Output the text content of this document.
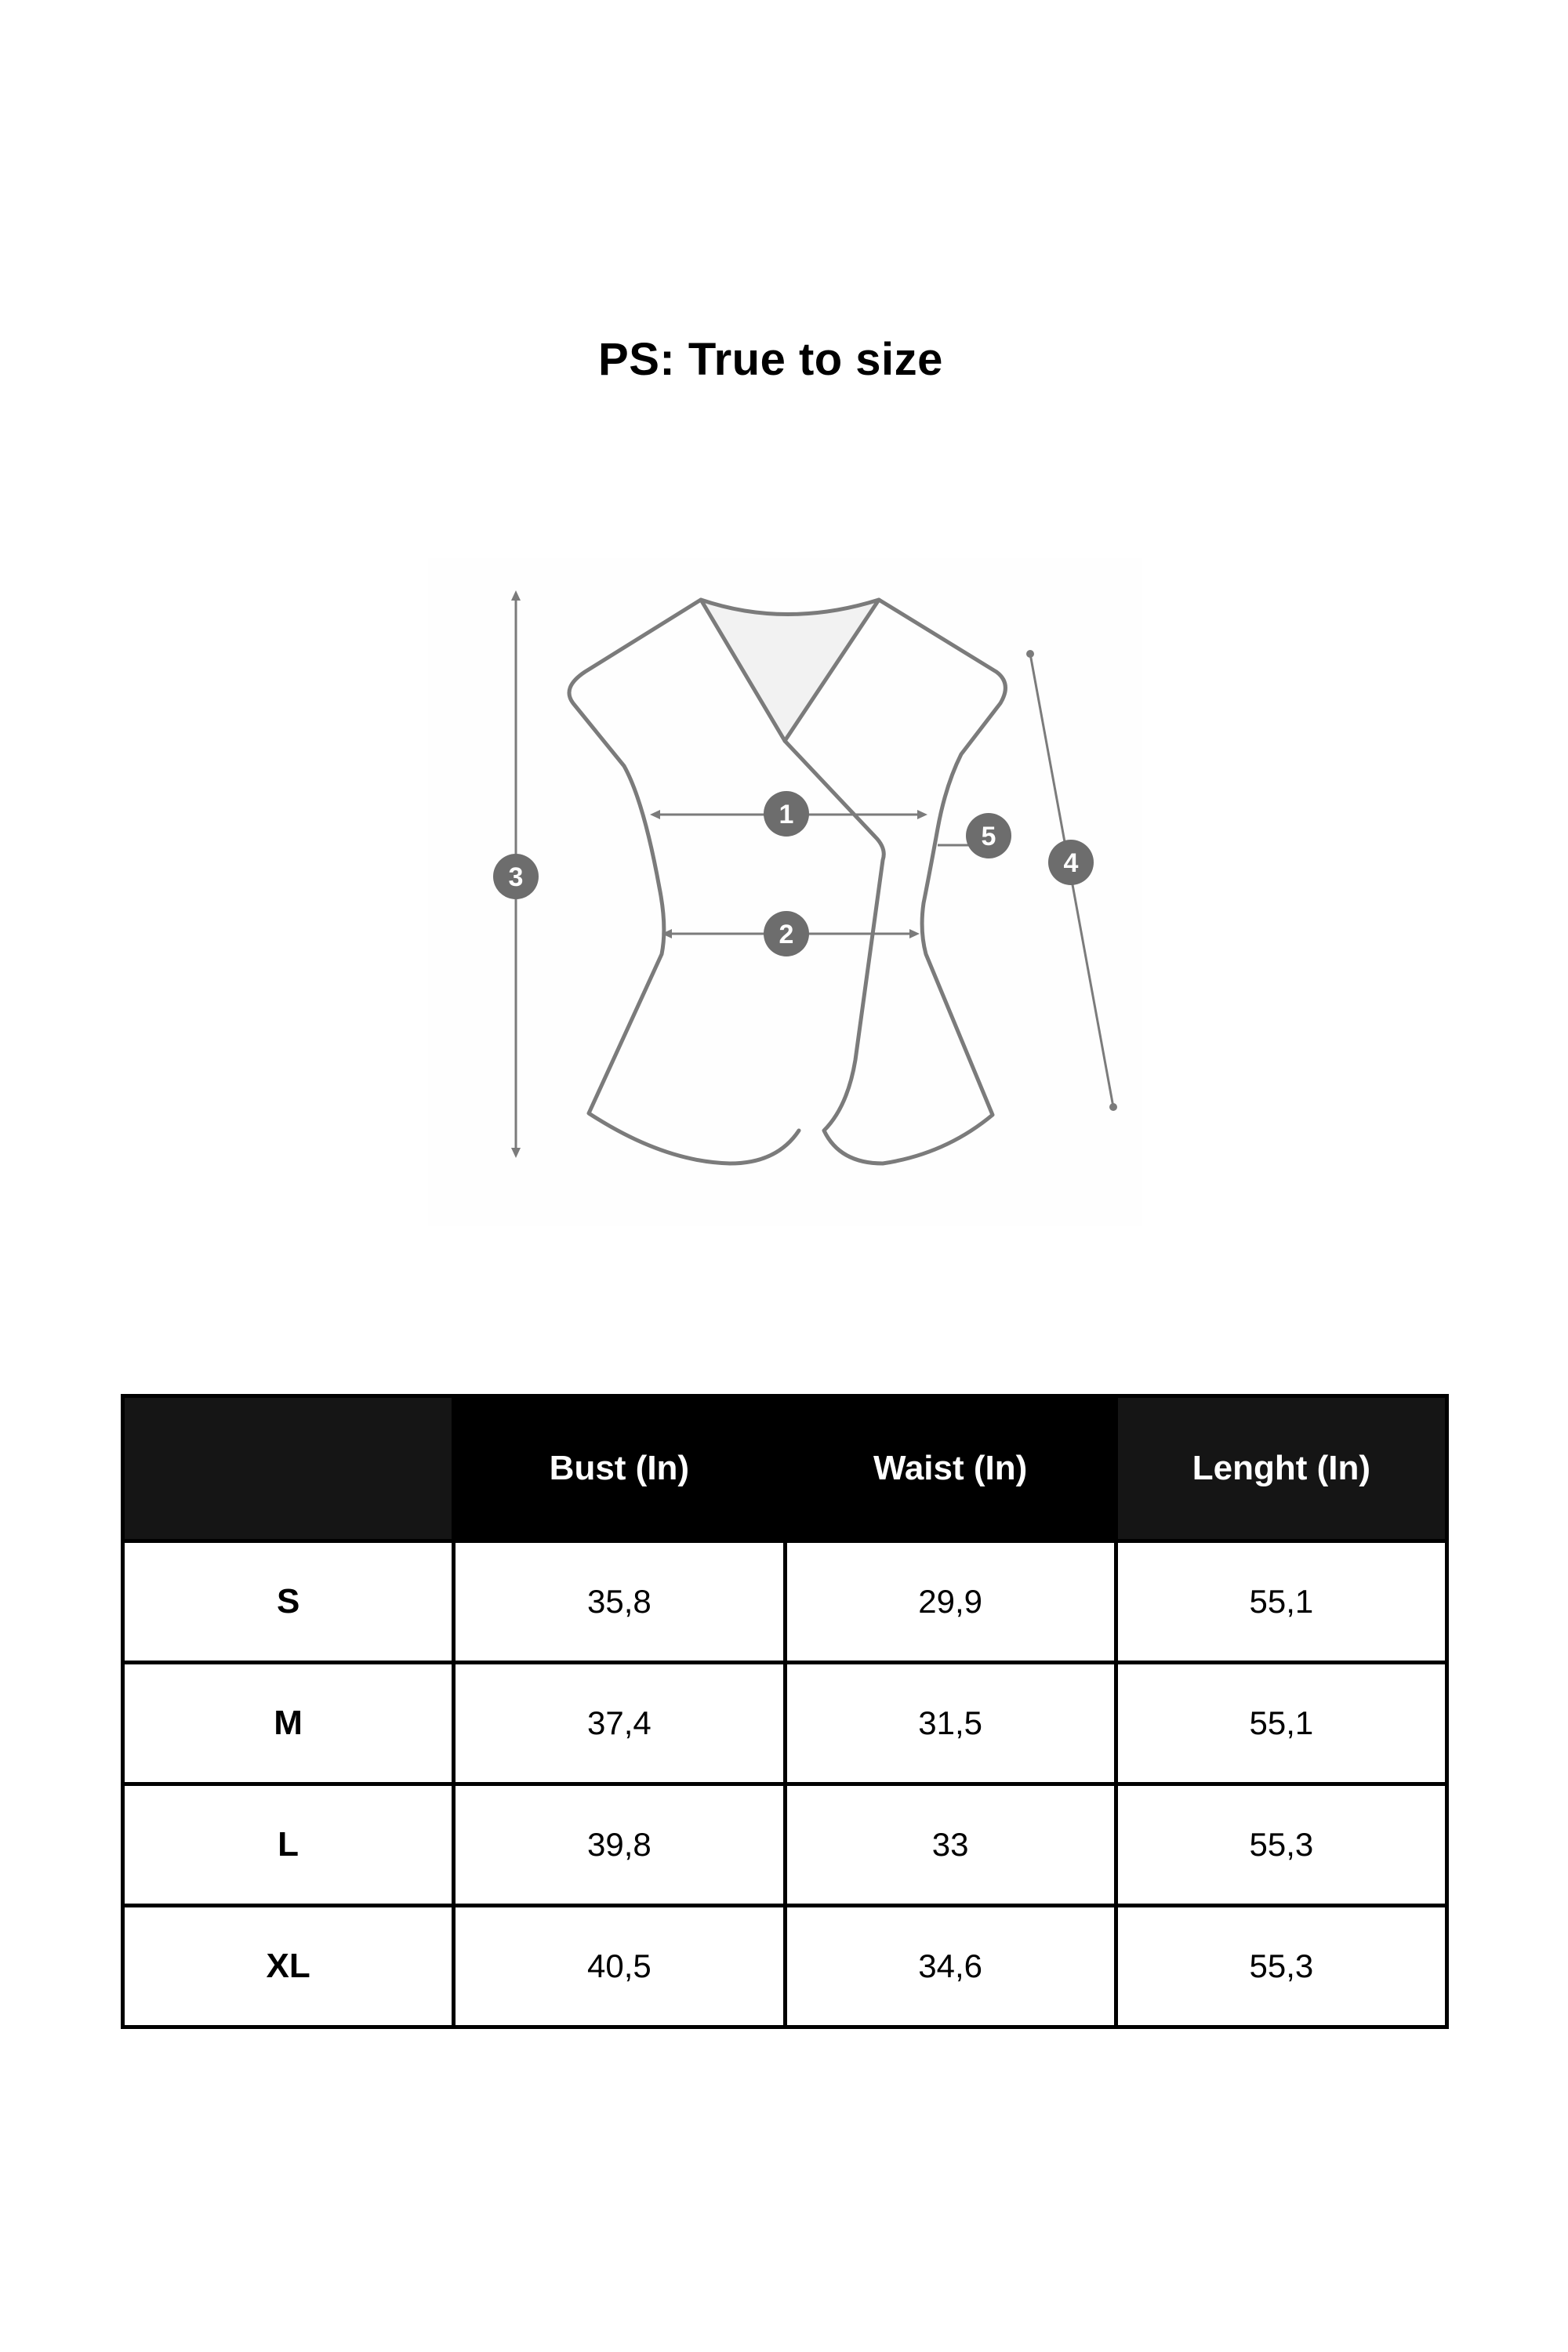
PS: True to size
1
2
3	4
5
	Bust (In)	Waist (In)	Lenght (In)
S	35,8	29,9	55,1
M	37,4	31,5	55,1
L	39,8	33	55,3
XL	40,5	34,6	55,3
